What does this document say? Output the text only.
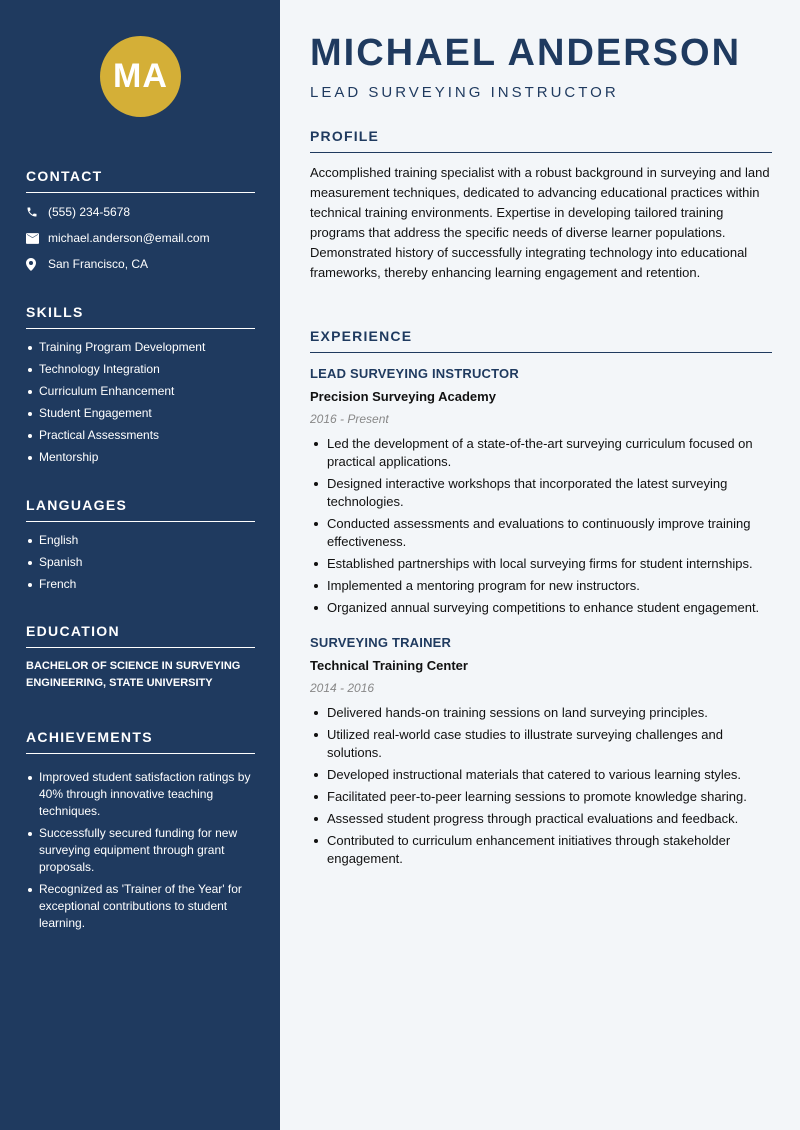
MA
CONTACT
(555) 234-5678
michael.anderson@email.com
San Francisco, CA
SKILLS
Training Program Development
Technology Integration
Curriculum Enhancement
Student Engagement
Practical Assessments
Mentorship
LANGUAGES
English
Spanish
French
EDUCATION
BACHELOR OF SCIENCE IN SURVEYING ENGINEERING, STATE UNIVERSITY
ACHIEVEMENTS
Improved student satisfaction ratings by 40% through innovative teaching techniques.
Successfully secured funding for new surveying equipment through grant proposals.
Recognized as 'Trainer of the Year' for exceptional contributions to student learning.
MICHAEL ANDERSON
LEAD SURVEYING INSTRUCTOR
PROFILE
Accomplished training specialist with a robust background in surveying and land measurement techniques, dedicated to advancing educational practices within technical training environments. Expertise in developing tailored training programs that address the specific needs of diverse learner populations. Demonstrated history of successfully integrating technology into educational frameworks, thereby enhancing learning engagement and retention.
EXPERIENCE
LEAD SURVEYING INSTRUCTOR
Precision Surveying Academy
2016 - Present
Led the development of a state-of-the-art surveying curriculum focused on practical applications.
Designed interactive workshops that incorporated the latest surveying technologies.
Conducted assessments and evaluations to continuously improve training effectiveness.
Established partnerships with local surveying firms for student internships.
Implemented a mentoring program for new instructors.
Organized annual surveying competitions to enhance student engagement.
SURVEYING TRAINER
Technical Training Center
2014 - 2016
Delivered hands-on training sessions on land surveying principles.
Utilized real-world case studies to illustrate surveying challenges and solutions.
Developed instructional materials that catered to various learning styles.
Facilitated peer-to-peer learning sessions to promote knowledge sharing.
Assessed student progress through practical evaluations and feedback.
Contributed to curriculum enhancement initiatives through stakeholder engagement.
